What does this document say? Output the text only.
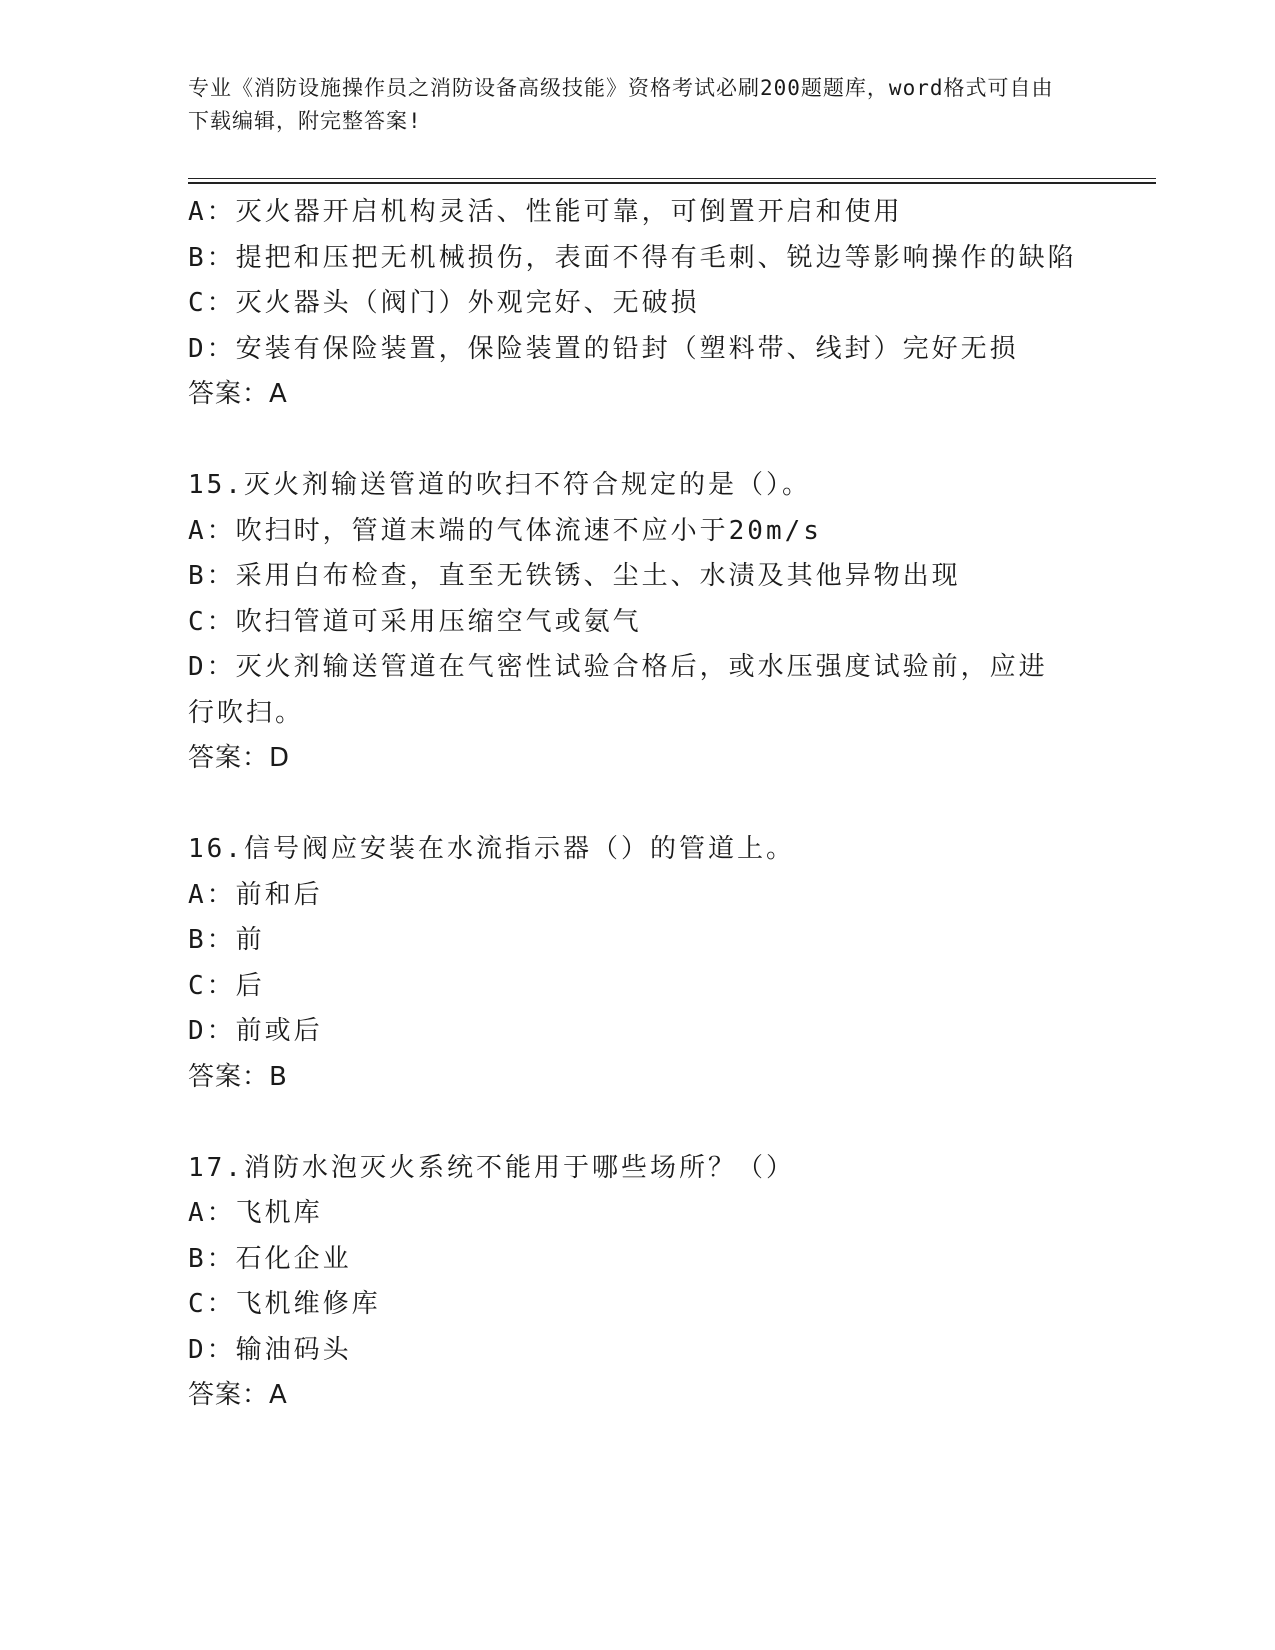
专业《消防设施操作员之消防设备高级技能》资格考试必刷200题题库，word格式可自由下载编辑，附完整答案!
A：灭火器开启机构灵活、性能可靠，可倒置开启和使用
B：提把和压把无机械损伤，表面不得有毛刺、锐边等影响操作的缺陷
C：灭火器头（阀门）外观完好、无破损
D：安装有保险装置，保险装置的铅封（塑料带、线封）完好无损
答案：A
15.灭火剂输送管道的吹扫不符合规定的是（）。
A：吹扫时，管道末端的气体流速不应小于20m/s
B：采用白布检查，直至无铁锈、尘土、水渍及其他异物出现
C：吹扫管道可采用压缩空气或氨气
D：灭火剂输送管道在气密性试验合格后，或水压强度试验前，应进行吹扫。
答案：D
16.信号阀应安装在水流指示器（）的管道上。
A：前和后
B：前
C：后
D：前或后
答案：B
17.消防水泡灭火系统不能用于哪些场所？（）
A：飞机库
B：石化企业
C：飞机维修库
D：输油码头
答案：A
